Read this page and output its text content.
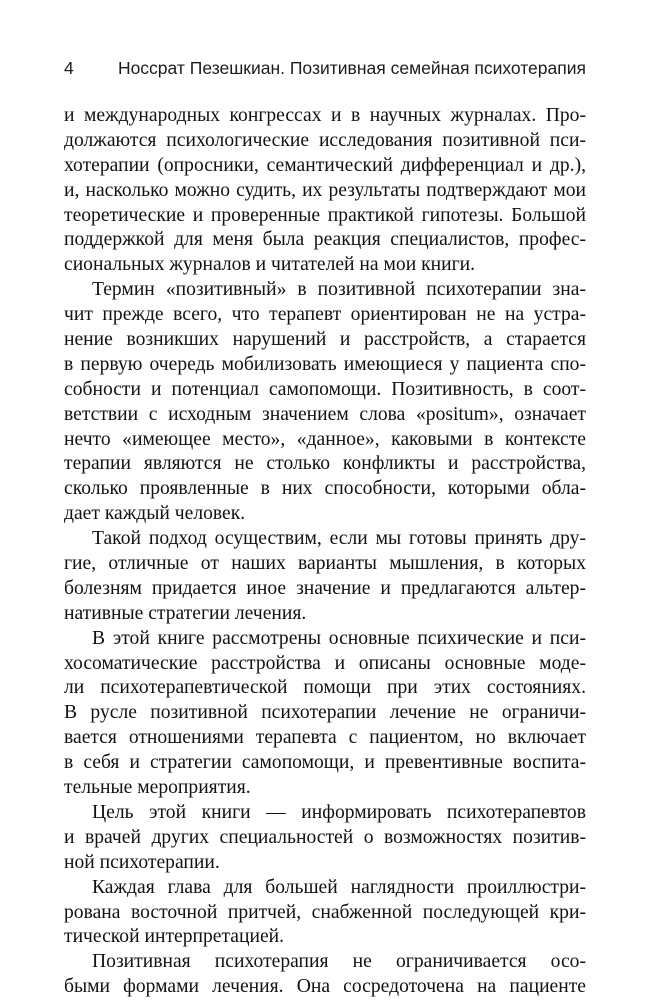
4	Носсрат Пезешкиан. Позитивная семейная психотерапия
и международных конгрессах и в научных журналах. Про-
должаются психологические исследования позитивной пси-
хотерапии (опросники, семантический дифференциал и др.),
и, насколько можно судить, их результаты подтверждают мои
теоретические и проверенные практикой гипотезы. Большой
поддержкой для меня была реакция специалистов, профес-
сиональных журналов и читателей на мои книги.
Термин «позитивный» в позитивной психотерапии зна-
чит прежде всего, что терапевт ориентирован не на устра-
нение возникших нарушений и расстройств, а старается
в первую очередь мобилизовать имеющиеся у пациента спо-
собности и потенциал самопомощи. Позитивность, в соот-
ветствии с исходным значением слова «positum», означает
нечто «имеющее место», «данное», каковыми в контексте
терапии являются не столько конфликты и расстройства,
сколько проявленные в них способности, которыми обла-
дает каждый человек.
Такой подход осуществим, если мы готовы принять дру-
гие, отличные от наших варианты мышления, в которых
болезням придается иное значение и предлагаются альтер-
нативные стратегии лечения.
В этой книге рассмотрены основные психические и пси-
хосоматические расстройства и описаны основные моде-
ли психотерапевтической помощи при этих состояниях.
В русле позитивной психотерапии лечение не ограничи-
вается отношениями терапевта с пациентом, но включает
в себя и стратегии самопомощи, и превентивные воспита-
тельные мероприятия.
Цель этой книги — информировать психотерапевтов
и врачей других специальностей о возможностях позитив-
ной психотерапии.
Каждая глава для большей наглядности проиллюстри-
рована восточной притчей, снабженной последующей кри-
тической интерпретацией.
Позитивная психотерапия не ограничивается осо-
быми формами лечения. Она сосредоточена на пациенте
